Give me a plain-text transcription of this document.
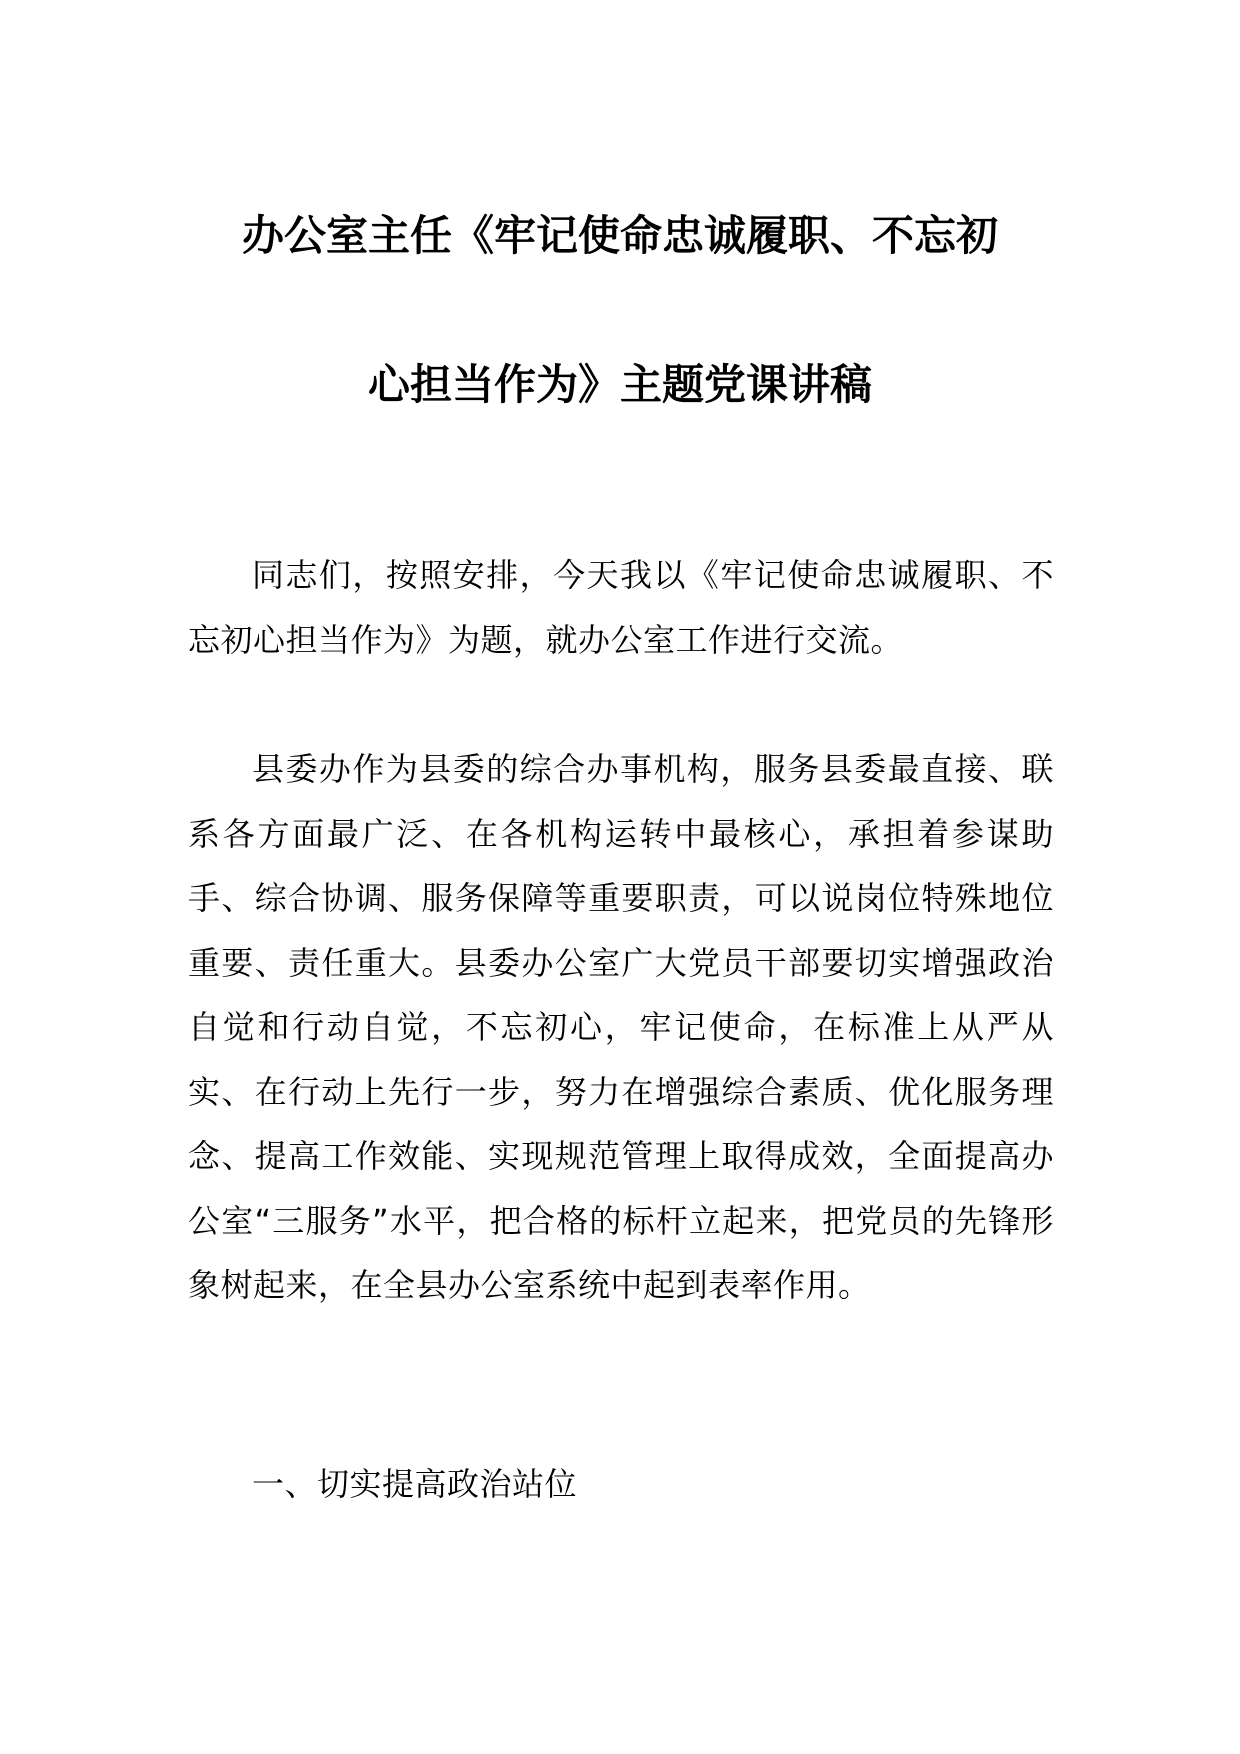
办公室主任《牢记使命忠诚履职、不忘初
心担当作为》主题党课讲稿

同志们，按照安排，今天我以《牢记使命忠诚履职、不忘初心担当作为》为题，就办公室工作进行交流。

县委办作为县委的综合办事机构，服务县委最直接、联系各方面最广泛、在各机构运转中最核心，承担着参谋助手、综合协调、服务保障等重要职责，可以说岗位特殊地位重要、责任重大。县委办公室广大党员干部要切实增强政治自觉和行动自觉，不忘初心，牢记使命，在标准上从严从实、在行动上先行一步，努力在增强综合素质、优化服务理念、提高工作效能、实现规范管理上取得成效，全面提高办公室“三服务”水平，把合格的标杆立起来，把党员的先锋形象树起来，在全县办公室系统中起到表率作用。

一、切实提高政治站位
